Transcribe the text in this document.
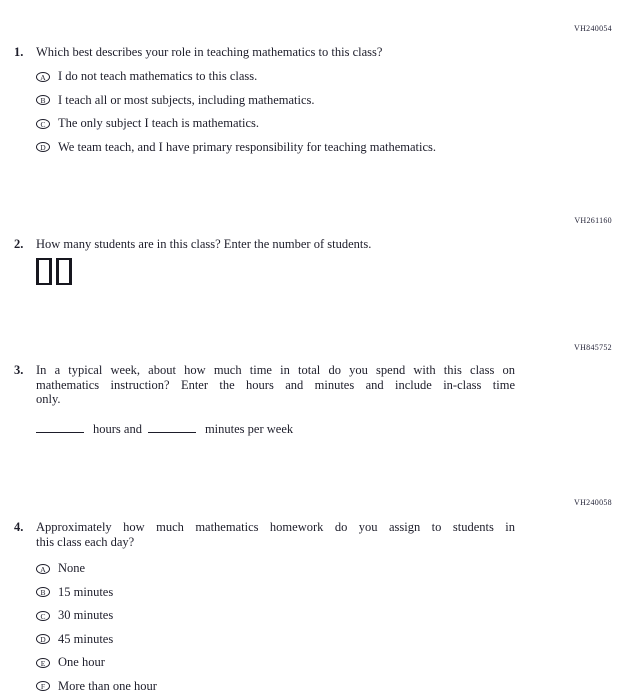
VH240054
1.	Which best describes your role in teaching mathematics to this class?
A I do not teach mathematics to this class.
B	I teach all or most subjects, including mathematics.
C	The only subject I teach is mathematics.
D We team teach, and I have primary responsibility for teaching mathematics.
VH261160
2.	How many students are in this class? Enter the number of students.
VH845752
3.	In a typical week, about how much time in total do you spend with this class on
mathematics instruction? Enter the hours and minutes and include in-class time
only.
hours and	minutes per week
VH240058
4.	Approximately how much mathematics homework do you assign to students in
this class each day?
A None
B	15 minutes
C	30 minutes
D 45 minutes
E	One hour
F	More than one hour
